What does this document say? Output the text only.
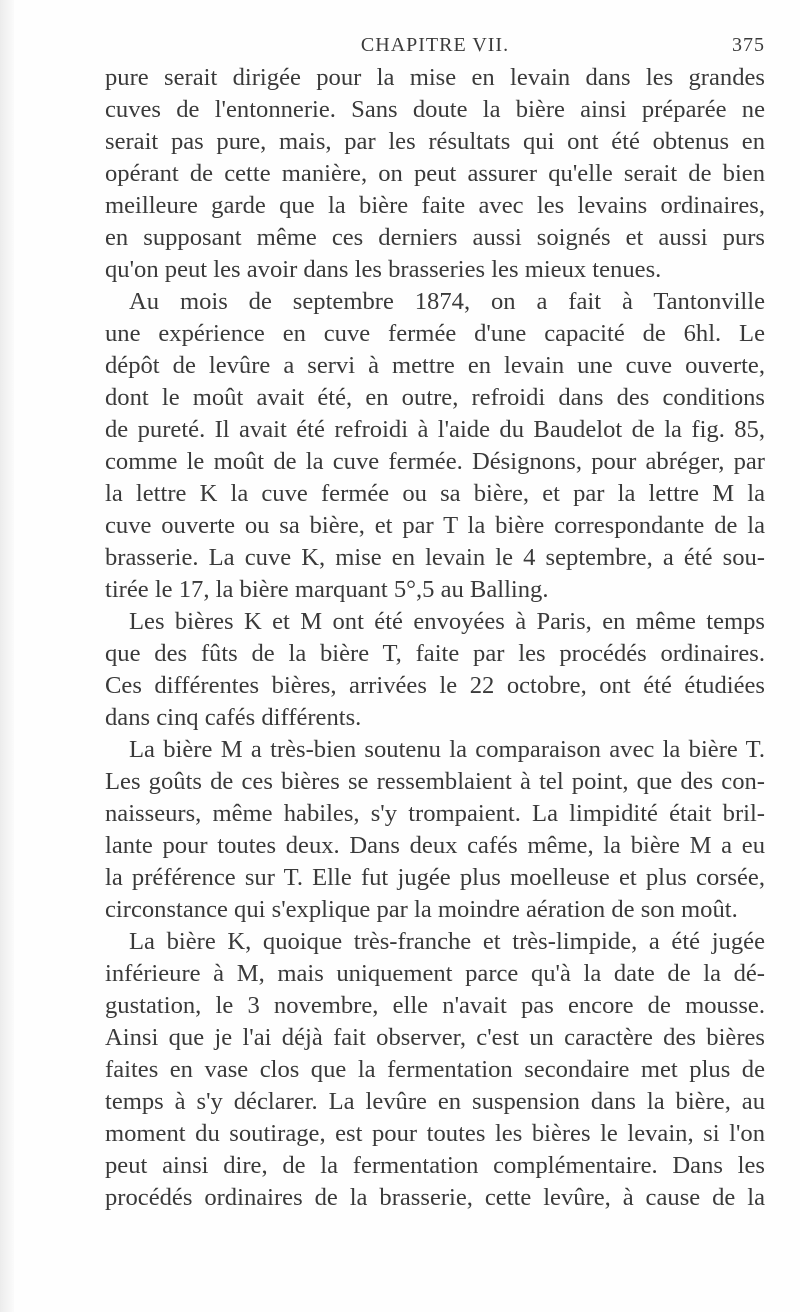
CHAPITRE VII.	375
pure serait dirigée pour la mise en levain dans les grandes
cuves de l'entonnerie. Sans doute la bière ainsi préparée ne
serait pas pure, mais, par les résultats qui ont été obtenus en
opérant de cette manière, on peut assurer qu'elle serait de bien
meilleure garde que la bière faite avec les levains ordinaires,
en supposant même ces derniers aussi soignés et aussi purs
qu'on peut les avoir dans les brasseries les mieux tenues.
Au mois de septembre 1874, on a fait à Tantonville
une expérience en cuve fermée d'une capacité de 6hl. Le
dépôt de levûre a servi à mettre en levain une cuve ouverte,
dont le moût avait été, en outre, refroidi dans des conditions
de pureté. Il avait été refroidi à l'aide du Baudelot de la fig. 85,
comme le moût de la cuve fermée. Désignons, pour abréger, par
la lettre K la cuve fermée ou sa bière, et par la lettre M la
cuve ouverte ou sa bière, et par T la bière correspondante de la
brasserie. La cuve K, mise en levain le 4 septembre, a été sou-
tirée le 17, la bière marquant 5°,5 au Balling.
Les bières K et M ont été envoyées à Paris, en même temps
que des fûts de la bière T, faite par les procédés ordinaires.
Ces différentes bières, arrivées le 22 octobre, ont été étudiées
dans cinq cafés différents.
La bière M a très-bien soutenu la comparaison avec la bière T.
Les goûts de ces bières se ressemblaient à tel point, que des con-
naisseurs, même habiles, s'y trompaient. La limpidité était bril-
lante pour toutes deux. Dans deux cafés même, la bière M a eu
la préférence sur T. Elle fut jugée plus moelleuse et plus corsée,
circonstance qui s'explique par la moindre aération de son moût.
La bière K, quoique très-franche et très-limpide, a été jugée
inférieure à M, mais uniquement parce qu'à la date de la dé-
gustation, le 3 novembre, elle n'avait pas encore de mousse.
Ainsi que je l'ai déjà fait observer, c'est un caractère des bières
faites en vase clos que la fermentation secondaire met plus de
temps à s'y déclarer. La levûre en suspension dans la bière, au
moment du soutirage, est pour toutes les bières le levain, si l'on
peut ainsi dire, de la fermentation complémentaire. Dans les
procédés ordinaires de la brasserie, cette levûre, à cause de la
